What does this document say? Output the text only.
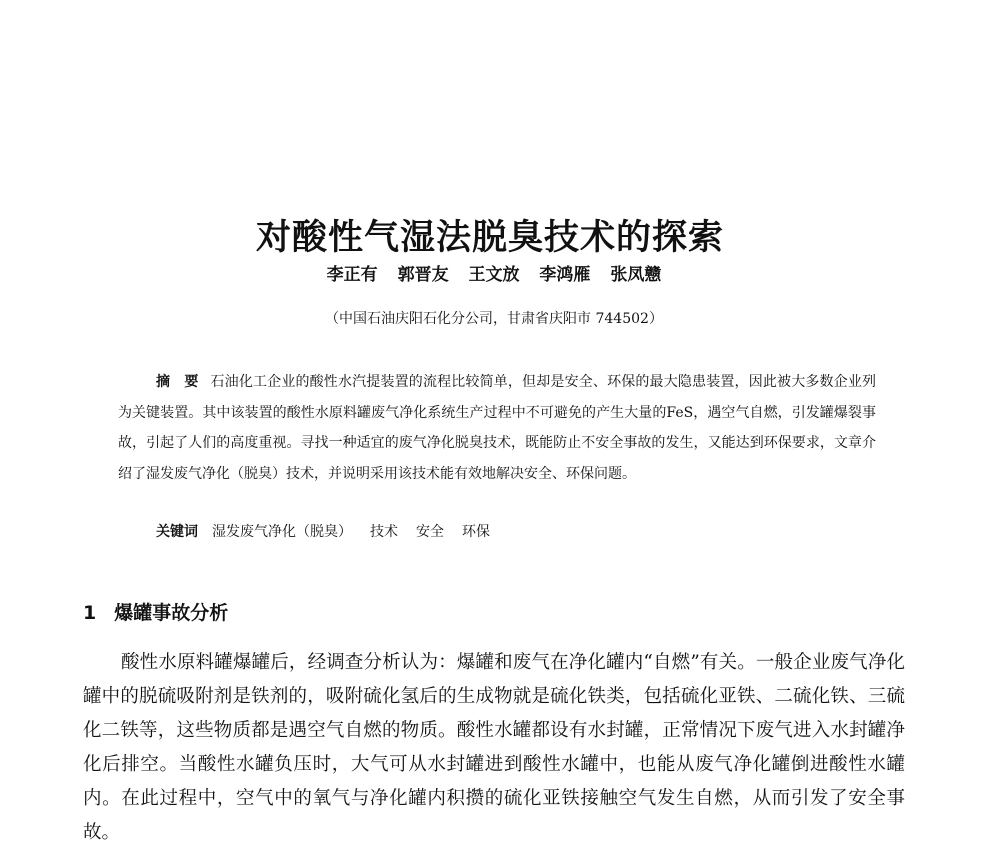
对酸性气湿法脱臭技术的探索
李正有 郭晋友 王文放 李鸿雁 张凤戆
（中国石油庆阳石化分公司，甘肃省庆阳市 744502）

摘　要 石油化工企业的酸性水汽提装置的流程比较简单，但却是安全、环保的最大隐患装置，因此被大多数企业列为关键装置。其中该装置的酸性水原料罐废气净化系统生产过程中不可避免的产生大量的FeS，遇空气自燃，引发罐爆裂事故，引起了人们的高度重视。寻找一种适宜的废气净化脱臭技术，既能防止不安全事故的发生，又能达到环保要求，文章介绍了湿发废气净化（脱臭）技术，并说明采用该技术能有效地解决安全、环保问题。

关键词 湿发废气净化（脱臭） 技术 安全 环保

1 爆罐事故分析

酸性水原料罐爆罐后，经调查分析认为：爆罐和废气在净化罐内“自燃”有关。一般企业废气净化罐中的脱硫吸附剂是铁剂的，吸附硫化氢后的生成物就是硫化铁类，包括硫化亚铁、二硫化铁、三硫化二铁等，这些物质都是遇空气自燃的物质。酸性水罐都设有水封罐，正常情况下废气进入水封罐净化后排空。当酸性水罐负压时，大气可从水封罐进到酸性水罐中，也能从废气净化罐倒进酸性水罐内。在此过程中，空气中的氧气与净化罐内积攒的硫化亚铁接触空气发生自燃，从而引发了安全事故。
